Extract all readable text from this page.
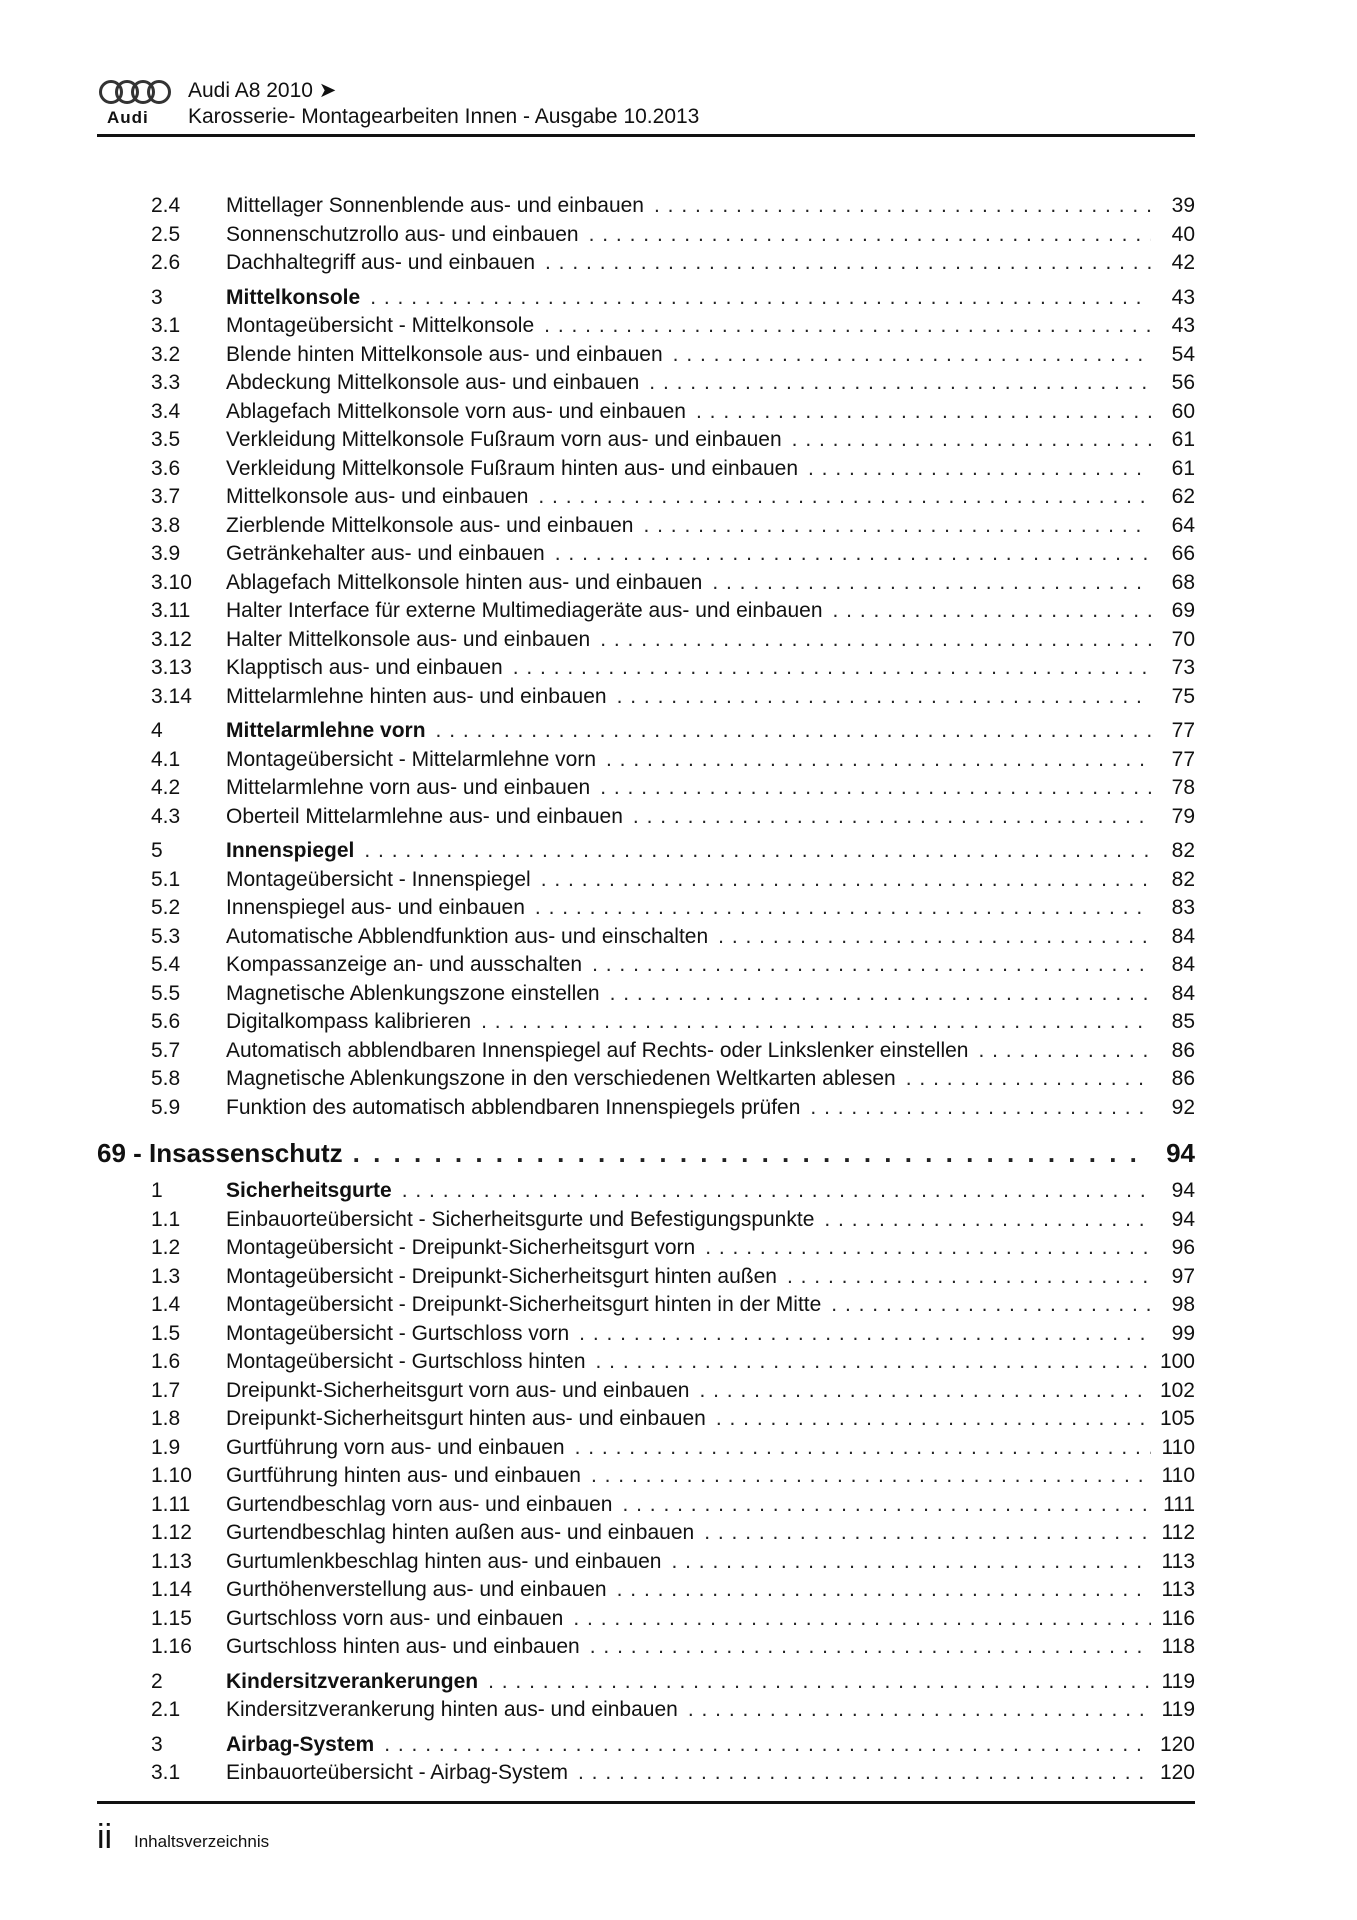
Audi
Audi A8 2010 ➤
Karosserie- Montagearbeiten Innen - Ausgabe 10.2013
2.4	Mittellager Sonnenblende aus- und einbauen . . .	39
2.5	Sonnenschutzrollo aus- und einbauen . . .	40
2.6	Dachhaltegriff aus- und einbauen . . .	42
3	Mittelkonsole . . .	43
3.1	Montageübersicht - Mittelkonsole . . .	43
3.2	Blende hinten Mittelkonsole aus- und einbauen . . .	54
3.3	Abdeckung Mittelkonsole aus- und einbauen . . .	56
3.4	Ablagefach Mittelkonsole vorn aus- und einbauen . . .	60
3.5	Verkleidung Mittelkonsole Fußraum vorn aus- und einbauen . . .	61
3.6	Verkleidung Mittelkonsole Fußraum hinten aus- und einbauen . . .	61
3.7	Mittelkonsole aus- und einbauen . . .	62
3.8	Zierblende Mittelkonsole aus- und einbauen . . .	64
3.9	Getränkehalter aus- und einbauen . . .	66
3.10	Ablagefach Mittelkonsole hinten aus- und einbauen . . .	68
3.11	Halter Interface für externe Multimediageräte aus- und einbauen . . .	69
3.12	Halter Mittelkonsole aus- und einbauen . . .	70
3.13	Klapptisch aus- und einbauen . . .	73
3.14	Mittelarmlehne hinten aus- und einbauen . . .	75
4	Mittelarmlehne vorn . . .	77
4.1	Montageübersicht - Mittelarmlehne vorn . . .	77
4.2	Mittelarmlehne vorn aus- und einbauen . . .	78
4.3	Oberteil Mittelarmlehne aus- und einbauen . . .	79
5	Innenspiegel . . .	82
5.1	Montageübersicht - Innenspiegel . . .	82
5.2	Innenspiegel aus- und einbauen . . .	83
5.3	Automatische Abblendfunktion aus- und einschalten . . .	84
5.4	Kompassanzeige an- und ausschalten . . .	84
5.5	Magnetische Ablenkungszone einstellen . . .	84
5.6	Digitalkompass kalibrieren . . .	85
5.7	Automatisch abblendbaren Innenspiegel auf Rechts- oder Linkslenker einstellen . . .	86
5.8	Magnetische Ablenkungszone in den verschiedenen Weltkarten ablesen . . .	86
5.9	Funktion des automatisch abblendbaren Innenspiegels prüfen . . .	92
69 - Insassenschutz . . .	94
1	Sicherheitsgurte . . .	94
1.1	Einbauorteübersicht - Sicherheitsgurte und Befestigungspunkte . . .	94
1.2	Montageübersicht - Dreipunkt-Sicherheitsgurt vorn . . .	96
1.3	Montageübersicht - Dreipunkt-Sicherheitsgurt hinten außen . . .	97
1.4	Montageübersicht - Dreipunkt-Sicherheitsgurt hinten in der Mitte . . .	98
1.5	Montageübersicht - Gurtschloss vorn . . .	99
1.6	Montageübersicht - Gurtschloss hinten . . .	100
1.7	Dreipunkt-Sicherheitsgurt vorn aus- und einbauen . . .	102
1.8	Dreipunkt-Sicherheitsgurt hinten aus- und einbauen . . .	105
1.9	Gurtführung vorn aus- und einbauen . . .	110
1.10	Gurtführung hinten aus- und einbauen . . .	110
1.11	Gurtendbeschlag vorn aus- und einbauen . . .	111
1.12	Gurtendbeschlag hinten außen aus- und einbauen . . .	112
1.13	Gurtumlenkbeschlag hinten aus- und einbauen . . .	113
1.14	Gurthöhenverstellung aus- und einbauen . . .	113
1.15	Gurtschloss vorn aus- und einbauen . . .	116
1.16	Gurtschloss hinten aus- und einbauen . . .	118
2	Kindersitzverankerungen . . .	119
2.1	Kindersitzverankerung hinten aus- und einbauen . . .	119
3	Airbag-System . . .	120
3.1	Einbauorteübersicht - Airbag-System . . .	120
ii Inhaltsverzeichnis
